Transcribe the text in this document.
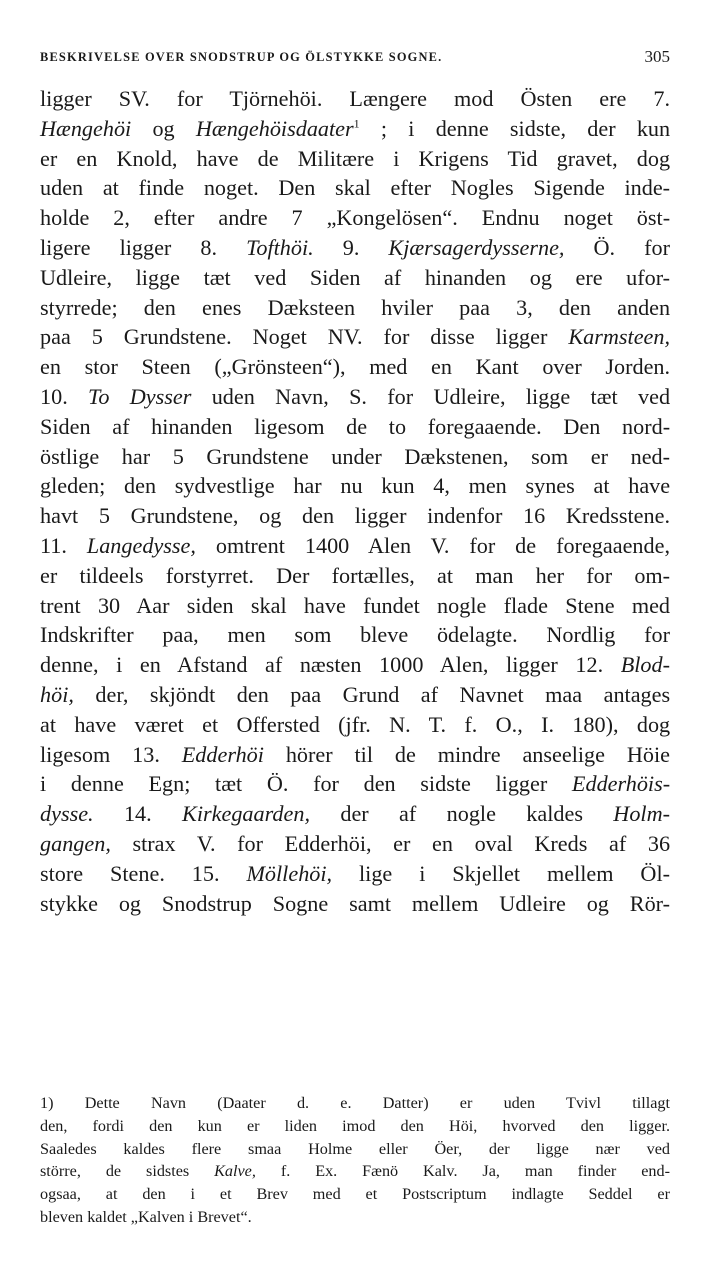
BESKRIVELSE OVER SNODSTRUP OG ÖLSTYKKE SOGNE.	305
ligger SV. for Tjörnehöi. Længere mod Östen ere 7.
Hængehöi og Hængehöisdaater$^1$ ; i denne sidste, der kun
er en Knold, have de Militære i Krigens Tid gravet, dog
uden at finde noget. Den skal efter Nogles Sigende inde-
holde 2, efter andre 7 „Kongelösen“. Endnu noget öst-
ligere ligger 8. Tofthöi. 9. Kjærsagerdysserne, Ö. for
Udleire, ligge tæt ved Siden af hinanden og ere ufor-
styrrede; den enes Dæksteen hviler paa 3, den anden
paa 5 Grundstene. Noget NV. for disse ligger Karmsteen,
en stor Steen („Grönsteen“), med en Kant over Jorden.
10. To Dysser uden Navn, S. for Udleire, ligge tæt ved
Siden af hinanden ligesom de to foregaaende. Den nord-
östlige har 5 Grundstene under Dækstenen, som er ned-
gleden; den sydvestlige har nu kun 4, men synes at have
havt 5 Grundstene, og den ligger indenfor 16 Kredsstene.
11. Langedysse, omtrent 1400 Alen V. for de foregaaende,
er tildeels forstyrret. Der fortælles, at man her for om-
trent 30 Aar siden skal have fundet nogle flade Stene med
Indskrifter paa, men som bleve ödelagte. Nordlig for
denne, i en Afstand af næsten 1000 Alen, ligger 12. Blod-
höi, der, skjöndt den paa Grund af Navnet maa antages
at have været et Offersted (jfr. N. T. f. O., I. 180), dog
ligesom 13. Edderhöi hörer til de mindre anseelige Höie
i denne Egn; tæt Ö. for den sidste ligger Edderhöis-
dysse. 14. Kirkegaarden, der af nogle kaldes Holm-
gangen, strax V. for Edderhöi, er en oval Kreds af 36
store Stene. 15. Möllehöi, lige i Skjellet mellem Öl-
stykke og Snodstrup Sogne samt mellem Udleire og Rör-
1) Dette Navn (Daater d. e. Datter) er uden Tvivl tillagt
den, fordi den kun er liden imod den Höi, hvorved den ligger.
Saaledes kaldes flere smaa Holme eller Öer, der ligge nær ved
större, de sidstes Kalve, f. Ex. Fænö Kalv. Ja, man finder end-
ogsaa, at den i et Brev med et Postscriptum indlagte Seddel er
bleven kaldet „Kalven i Brevet“.
